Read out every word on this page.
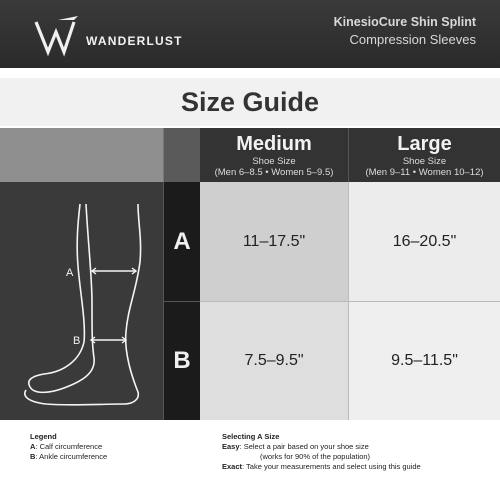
WANDERLUST
KinesioCure Shin Splint
Compression Sleeves
Size Guide
Medium
Shoe Size
(Men 6–8.5 • Women 5–9.5)
Large
Shoe Size
(Men 9–11 • Women 10–12)
A
B
A
B
11–17.5"	16–20.5"
7.5–9.5"	9.5–11.5"
Legend
A: Calf circumference
B: Ankle circumference
Selecting A Size
Easy: Select a pair based on your shoe size
(works for 90% of the population)
Exact: Take your measurements and select using this guide
